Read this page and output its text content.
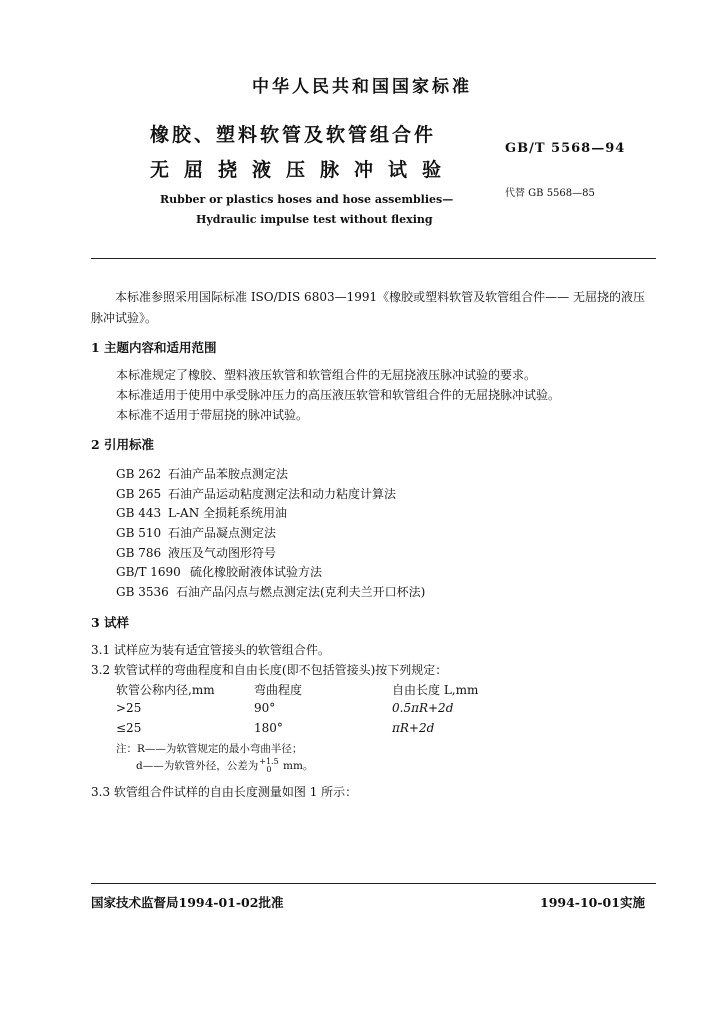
中华人民共和国国家标准
橡胶、塑料软管及软管组合件
无屈挠液压脉冲试验
GB/T 5568—94
代替 GB 5568—85
Rubber or plastics hoses and hose assemblies—
Hydraulic impulse test without flexing
本标准参照采用国际标准 ISO/DIS 6803—1991《橡胶或塑料软管及软管组合件—— 无屈挠的液压脉冲试验》。
1 主题内容和适用范围
本标准规定了橡胶、塑料液压软管和软管组合件的无屈挠液压脉冲试验的要求。
本标准适用于使用中承受脉冲压力的高压液压软管和软管组合件的无屈挠脉冲试验。
本标准不适用于带屈挠的脉冲试验。
2 引用标准
GB 262 石油产品苯胺点测定法
GB 265 石油产品运动粘度测定法和动力粘度计算法
GB 443 L-AN 全损耗系统用油
GB 510 石油产品凝点测定法
GB 786 液压及气动图形符号
GB/T 1690 硫化橡胶耐液体试验方法
GB 3536 石油产品闪点与燃点测定法(克利夫兰开口杯法)
3 试样
3.1 试样应为装有适宜管接头的软管组合件。
3.2 软管试样的弯曲程度和自由长度(即不包括管接头)按下列规定：
软管公称内径,mm	弯曲程度	自由长度 L,mm
>25	90°	0.5πR+2d
≤25	180°	πR+2d
注：R——为软管规定的最小弯曲半径；
d——为软管外径，公差为 +1.5
0 mm。
3.3 软管组合件试样的自由长度测量如图 1 所示：
国家技术监督局1994-01-02批准	1994-10-01实施
